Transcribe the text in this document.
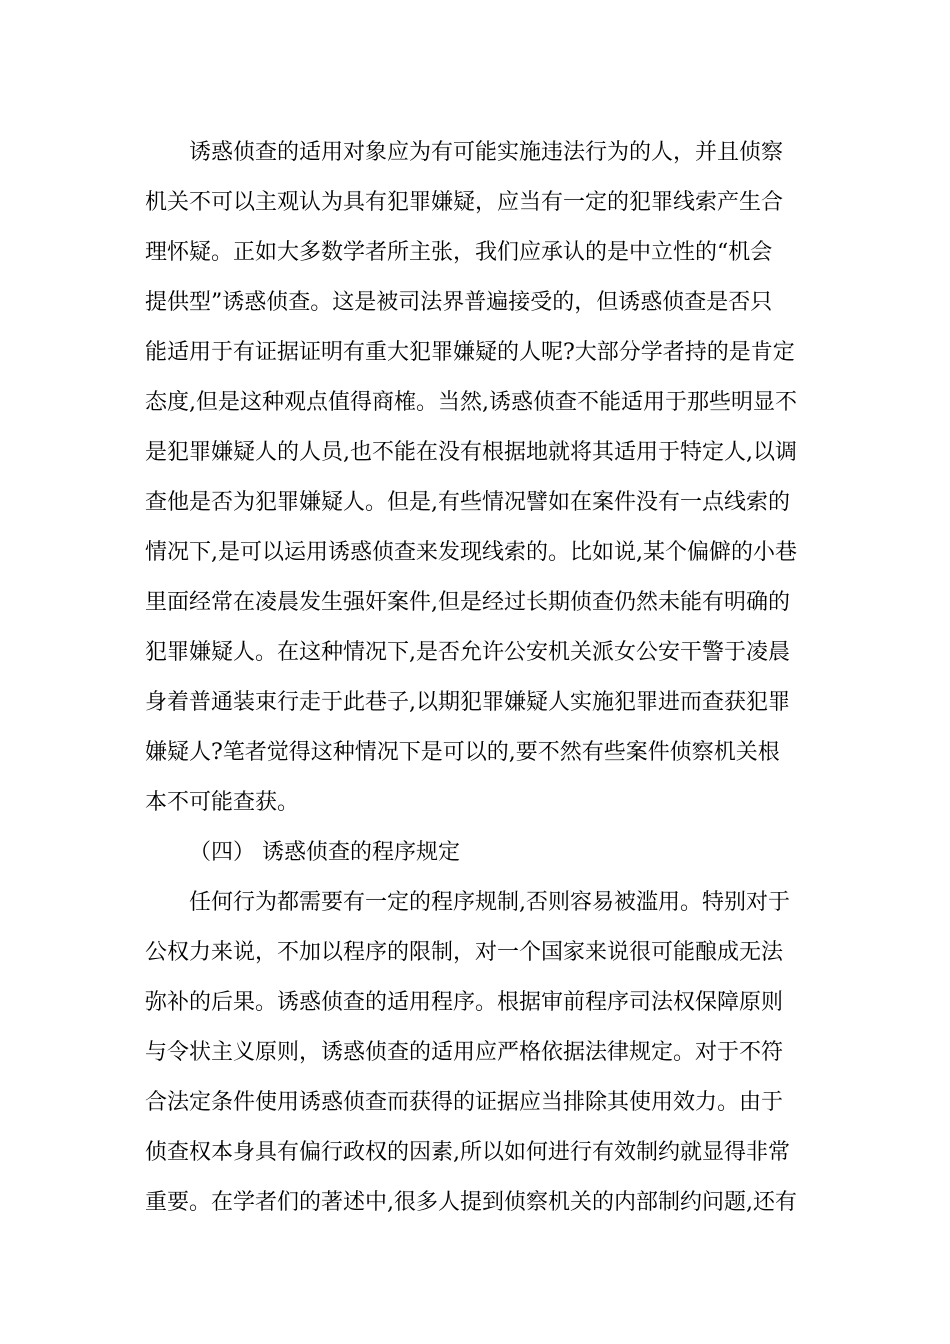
诱惑侦查的适用对象应为有可能实施违法行为的人，并且侦察
机关不可以主观认为具有犯罪嫌疑，应当有一定的犯罪线索产生合
理怀疑。正如大多数学者所主张，我们应承认的是中立性的“机会
提供型”诱惑侦查。这是被司法界普遍接受的，但诱惑侦查是否只
能适用于有证据证明有重大犯罪嫌疑的人呢?大部分学者持的是肯定
态度,但是这种观点值得商榷。当然,诱惑侦查不能适用于那些明显不
是犯罪嫌疑人的人员,也不能在没有根据地就将其适用于特定人,以调
查他是否为犯罪嫌疑人。但是,有些情况譬如在案件没有一点线索的
情况下,是可以运用诱惑侦查来发现线索的。比如说,某个偏僻的小巷
里面经常在凌晨发生强奸案件,但是经过长期侦查仍然未能有明确的
犯罪嫌疑人。在这种情况下,是否允许公安机关派女公安干警于凌晨
身着普通装束行走于此巷子,以期犯罪嫌疑人实施犯罪进而查获犯罪
嫌疑人?笔者觉得这种情况下是可以的,要不然有些案件侦察机关根
本不可能查获。
（四） 诱惑侦查的程序规定
任何行为都需要有一定的程序规制,否则容易被滥用。特别对于
公权力来说，不加以程序的限制，对一个国家来说很可能酿成无法
弥补的后果。诱惑侦查的适用程序。根据审前程序司法权保障原则
与令状主义原则，诱惑侦查的适用应严格依据法律规定。对于不符
合法定条件使用诱惑侦查而获得的证据应当排除其使用效力。由于
侦查权本身具有偏行政权的因素,所以如何进行有效制约就显得非常
重要。在学者们的著述中,很多人提到侦察机关的内部制约问题,还有
